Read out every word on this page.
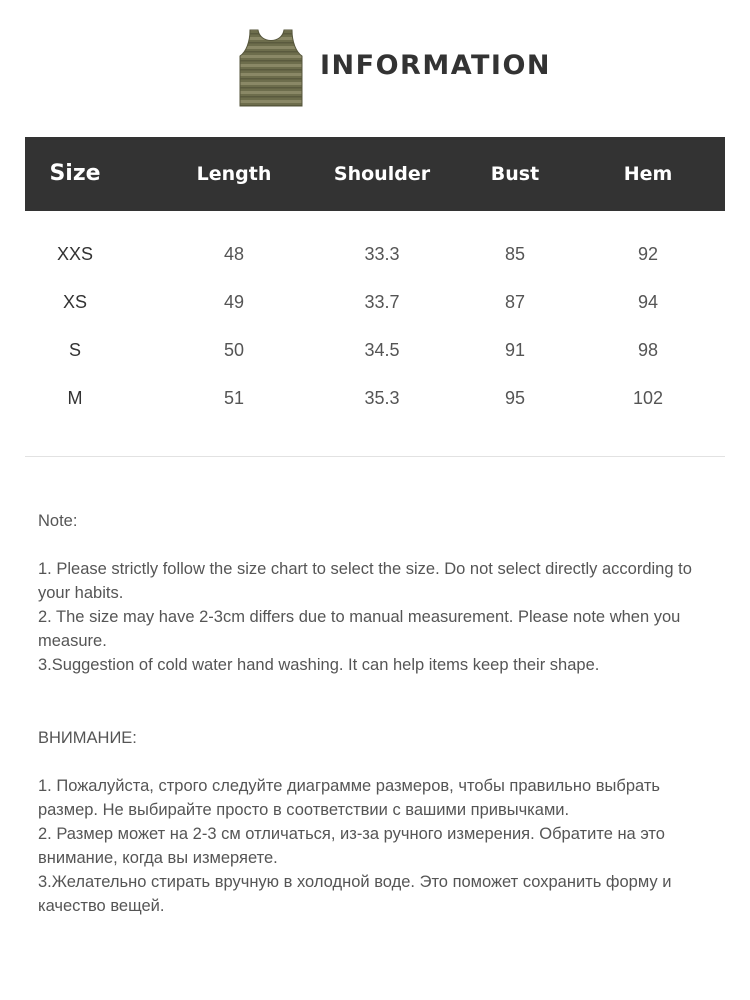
INFORMATION
Size	Length	Shoulder	Bust	Hem
XXS	48	33.3	85	92
XS	49	33.7	87	94
S	50	34.5	91	98
M	51	35.3	95	102

Note:

1. Please strictly follow the size chart to select the size. Do not select directly according to your habits.

2. The size may have 2-3cm differs due to manual measurement. Please note when you measure.

3.Suggestion of cold water hand washing. It can help items keep their shape.

ВНИМАНИЕ:

1. Пожалуйста, строго следуйте диаграмме размеров, чтобы правильно выбрать размер. Не выбирайте просто в соответствии с вашими привычками.

2. Размер может на 2-3 см отличаться, из-за ручного измерения. Обратите на это внимание, когда вы измеряете.

3.Желательно стирать вручную в холодной воде. Это поможет сохранить форму и качество вещей.
